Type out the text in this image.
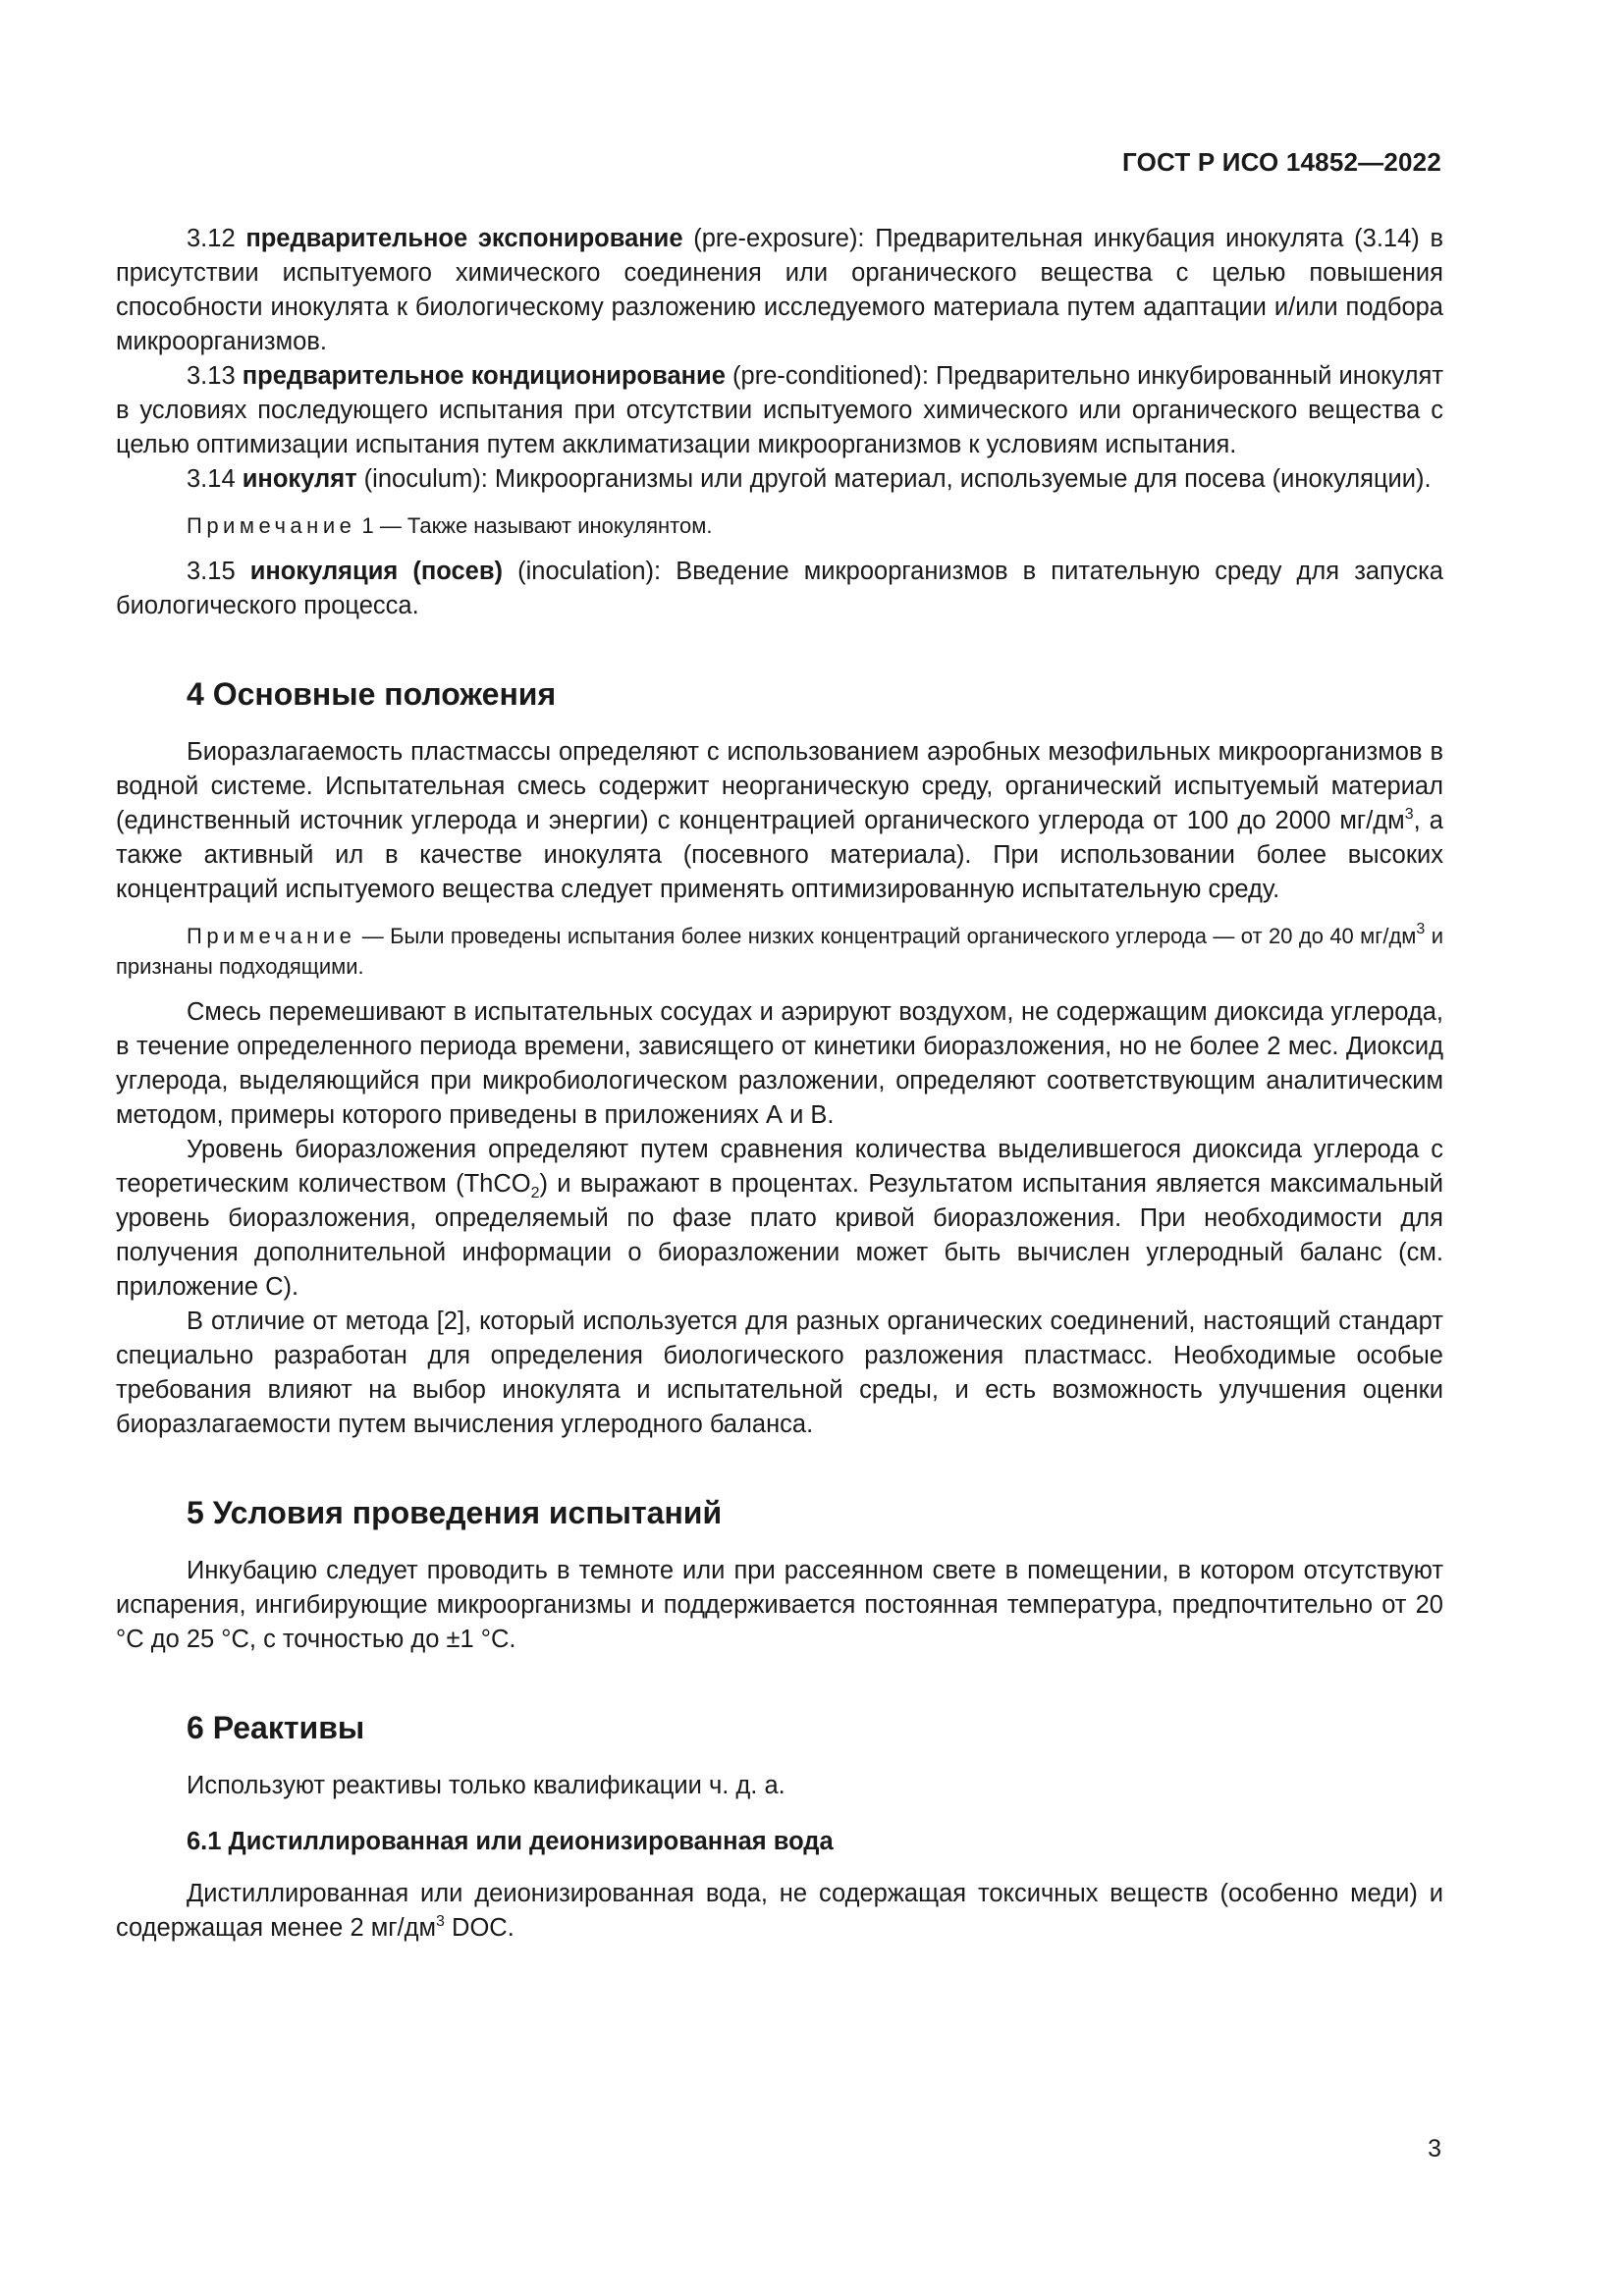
ГОСТ Р ИСО 14852—2022

3.12 предварительное экспонирование (pre-exposure): Предварительная инкубация инокулята (3.14) в присутствии испытуемого химического соединения или органического вещества с целью повышения способности инокулята к биологическому разложению исследуемого материала путем адаптации и/или подбора микроорганизмов.

3.13 предварительное кондиционирование (pre-conditioned): Предварительно инкубированный инокулят в условиях последующего испытания при отсутствии испытуемого химического или органического вещества с целью оптимизации испытания путем акклиматизации микроорганизмов к условиям испытания.

3.14 инокулят (inoculum): Микроорганизмы или другой материал, используемые для посева (инокуляции).

Примечание 1 — Также называют инокулянтом.

3.15 инокуляция (посев) (inoculation): Введение микроорганизмов в питательную среду для запуска биологического процесса.

4 Основные положения

Биоразлагаемость пластмассы определяют с использованием аэробных мезофильных микроорганизмов в водной системе. Испытательная смесь содержит неорганическую среду, органический испытуемый материал (единственный источник углерода и энергии) с концентрацией органического углерода от 100 до 2000 $мг/дм^3$, а также активный ил в качестве инокулята (посевного материала). При использовании более высоких концентраций испытуемого вещества следует применять оптимизированную испытательную среду.

Примечание — Были проведены испытания более низких концентраций органического углерода — от 20 до 40 $мг/дм^3$ и признаны подходящими.

Смесь перемешивают в испытательных сосудах и аэрируют воздухом, не содержащим диоксида углерода, в течение определенного периода времени, зависящего от кинетики биоразложения, но не более 2 мес. Диоксид углерода, выделяющийся при микробиологическом разложении, определяют соответствующим аналитическим методом, примеры которого приведены в приложениях А и В.

Уровень биоразложения определяют путем сравнения количества выделившегося диоксида углерода с теоретическим количеством (ThCO$_2$) и выражают в процентах. Результатом испытания является максимальный уровень биоразложения, определяемый по фазе плато кривой биоразложения. При необходимости для получения дополнительной информации о биоразложении может быть вычислен углеродный баланс (см. приложение С).

В отличие от метода [2], который используется для разных органических соединений, настоящий стандарт специально разработан для определения биологического разложения пластмасс. Необходимые особые требования влияют на выбор инокулята и испытательной среды, и есть возможность улучшения оценки биоразлагаемости путем вычисления углеродного баланса.

5 Условия проведения испытаний

Инкубацию следует проводить в темноте или при рассеянном свете в помещении, в котором отсутствуют испарения, ингибирующие микроорганизмы и поддерживается постоянная температура, предпочтительно от 20 °С до 25 °С, с точностью до ±1 °С.

6 Реактивы

Используют реактивы только квалификации ч. д. а.

6.1 Дистиллированная или деионизированная вода

Дистиллированная или деионизированная вода, не содержащая токсичных веществ (особенно меди) и содержащая менее 2 $мг/дм^3$ DOC.

3
